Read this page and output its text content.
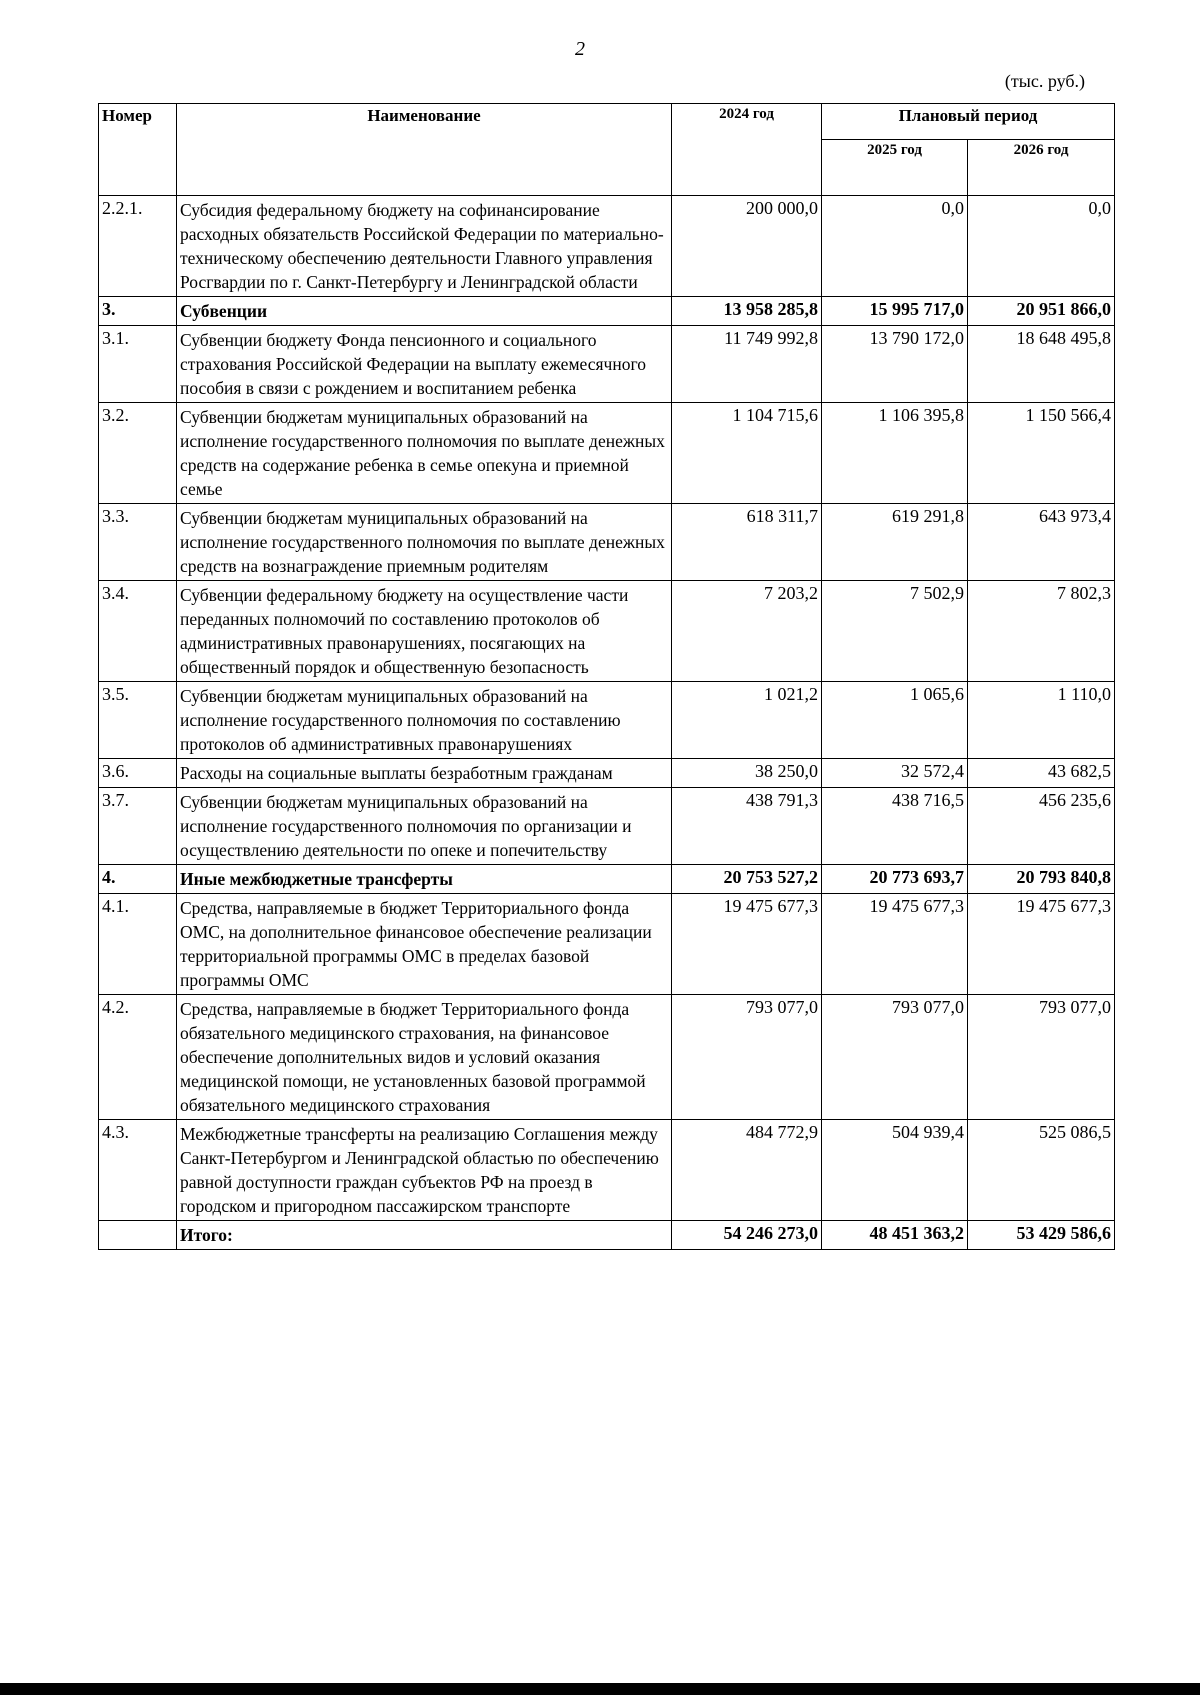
2
(тыс. руб.)
Номер	Наименование	2024 год	Плановый период	
			2025 год	2026 год
2.2.1.	Субсидия федеральному бюджету на софинансирование расходных обязательств Российской Федерации по материально-техническому обеспечению деятельности Главного управления Росгвардии по г. Санкт-Петербургу и Ленинградской области	200 000,0	0,0	0,0
3.	Субвенции	13 958 285,8	15 995 717,0	20 951 866,0
3.1.	Субвенции бюджету Фонда пенсионного и социального страхования Российской Федерации на выплату ежемесячного пособия в связи с рождением и воспитанием ребенка	11 749 992,8	13 790 172,0	18 648 495,8
3.2.	Субвенции бюджетам муниципальных образований на исполнение государственного полномочия по выплате денежных средств на содержание ребенка в семье опекуна и приемной семье	1 104 715,6	1 106 395,8	1 150 566,4
3.3.	Субвенции бюджетам муниципальных образований на исполнение государственного полномочия по выплате денежных средств на вознаграждение приемным родителям	618 311,7	619 291,8	643 973,4
3.4.	Субвенции федеральному бюджету на осуществление части переданных полномочий по составлению протоколов об административных правонарушениях, посягающих на общественный порядок и общественную безопасность	7 203,2	7 502,9	7 802,3
3.5.	Субвенции бюджетам муниципальных образований на исполнение государственного полномочия по составлению протоколов об административных правонарушениях	1 021,2	1 065,6	1 110,0
3.6.	Расходы на социальные выплаты безработным гражданам	38 250,0	32 572,4	43 682,5
3.7.	Субвенции бюджетам муниципальных образований на исполнение государственного полномочия по организации и осуществлению деятельности по опеке и попечительству	438 791,3	438 716,5	456 235,6
4.	Иные межбюджетные трансферты	20 753 527,2	20 773 693,7	20 793 840,8
4.1.	Средства, направляемые в бюджет Территориального фонда ОМС, на дополнительное финансовое обеспечение реализации территориальной программы ОМС в пределах базовой программы ОМС	19 475 677,3	19 475 677,3	19 475 677,3
4.2.	Средства, направляемые в бюджет Территориального фонда обязательного медицинского страхования, на финансовое обеспечение дополнительных видов и условий оказания медицинской помощи, не установленных базовой программой обязательного медицинского страхования	793 077,0	793 077,0	793 077,0
4.3.	Межбюджетные трансферты на реализацию Соглашения между Санкт-Петербургом и Ленинградской областью по обеспечению равной доступности граждан субъектов РФ на проезд в городском и пригородном пассажирском транспорте	484 772,9	504 939,4	525 086,5
	Итого:	54 246 273,0	48 451 363,2	53 429 586,6
